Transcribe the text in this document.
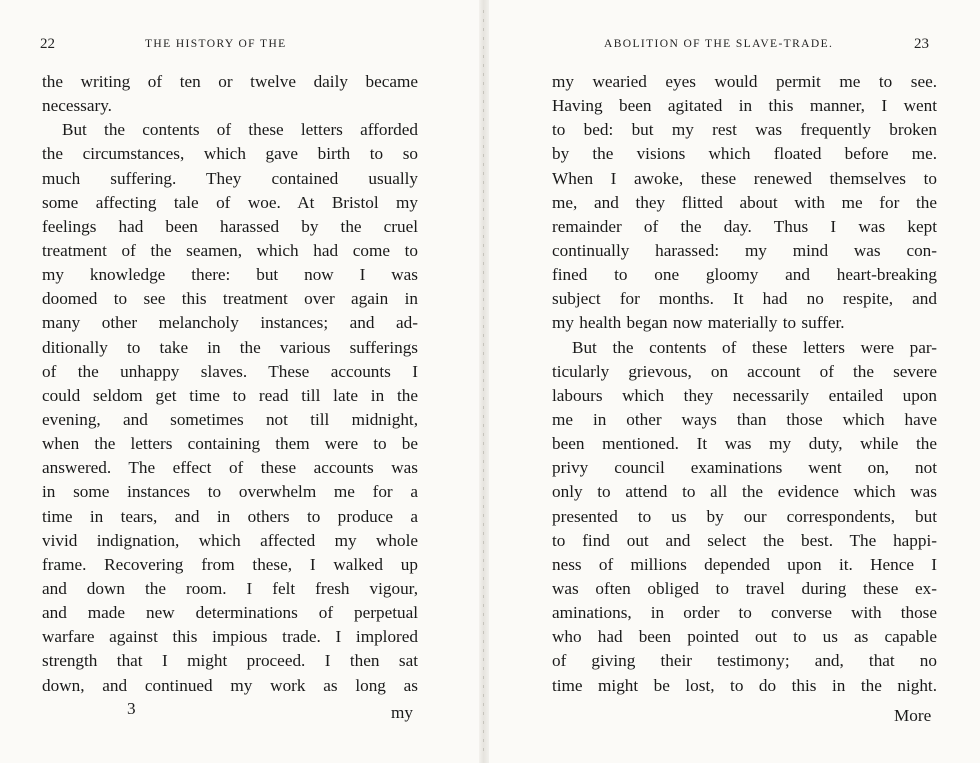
22	THE HISTORY OF THE
the writing of ten or twelve daily became
necessary.
But the contents of these letters afforded
the circumstances, which gave birth to so
much suffering. They contained usually
some affecting tale of woe. At Bristol my
feelings had been harassed by the cruel
treatment of the seamen, which had come to
my knowledge there: but now I was
doomed to see this treatment over again in
many other melancholy instances; and ad-
ditionally to take in the various sufferings
of the unhappy slaves. These accounts I
could seldom get time to read till late in the
evening, and sometimes not till midnight,
when the letters containing them were to be
answered. The effect of these accounts was
in some instances to overwhelm me for a
time in tears, and in others to produce a
vivid indignation, which affected my whole
frame. Recovering from these, I walked up
and down the room. I felt fresh vigour,
and made new determinations of perpetual
warfare against this impious trade. I implored
strength that I might proceed. I then sat
down, and continued my work as long as
3	my
ABOLITION OF THE SLAVE-TRADE.	23
my wearied eyes would permit me to see.
Having been agitated in this manner, I went
to bed: but my rest was frequently broken
by the visions which floated before me.
When I awoke, these renewed themselves to
me, and they flitted about with me for the
remainder of the day. Thus I was kept
continually harassed: my mind was con-
fined to one gloomy and heart-breaking
subject for months. It had no respite, and
my health began now materially to suffer.
But the contents of these letters were par-
ticularly grievous, on account of the severe
labours which they necessarily entailed upon
me in other ways than those which have
been mentioned. It was my duty, while the
privy council examinations went on, not
only to attend to all the evidence which was
presented to us by our correspondents, but
to find out and select the best. The happi-
ness of millions depended upon it. Hence I
was often obliged to travel during these ex-
aminations, in order to converse with those
who had been pointed out to us as capable
of giving their testimony; and, that no
time might be lost, to do this in the night.
More
